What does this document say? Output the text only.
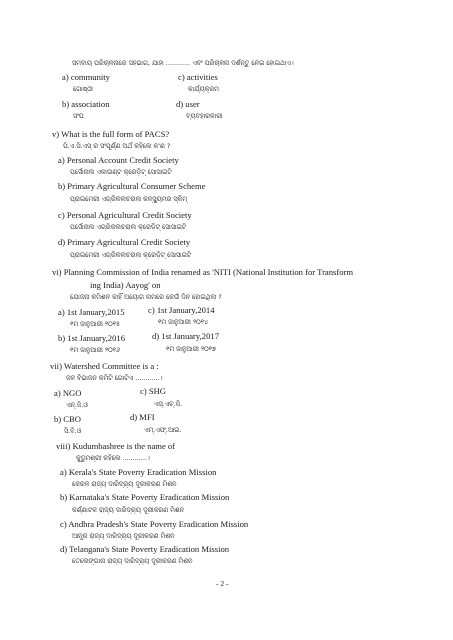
ସମବାୟ ପରିଚାଳନାରେ ସହଭାଗ, ଯାହା ............ ଏବଂ ପରିଚାଳନା ଦର୍ଶନ୍ତୁ ନେଇ ହୋଇଥାଏ।
a) community	c) activities
ଗୋଷ୍ଠୀ	କାର୍ଯ୍ୟକ୍ରମ
b) association	d) user
ସଂଘ	ବ୍ୟବହାରକାରୀ
v) What is the full form of PACS?
ପି.ଏ.ସି.ଏସ୍ ର ସଂପୂର୍ଣ୍ଣ ଅର୍ଥ କହିଲେ କ'ଣ ?
a) Personal Account Credit Society
ପର୍ସୋନାଲ ଏକାଉଣ୍ଟ କ୍ରେଡ଼ିଟ୍ ସୋସାଇଟି
b) Primary Agricultural Consumer Scheme
ପ୍ରାଇମେରୀ ଏଗ୍ରିକଲଚରାଲ କନ୍ସ୍ୟୁମର ସ୍କିମ୍
c) Personal Agricultural Credit Society
ପର୍ସୋନାଲ ଏଗ୍ରିକଲଚରାଲ କ୍ରେଡ଼ିଟ୍ ସୋସାଇଟି
d) Primary Agricultural Credit Society
ପ୍ରାଇମେରୀ ଏଗ୍ରିକଲଚରାଲ କ୍ରେଡ଼ିଟ୍ ସୋସାଇଟି
vi) Planning Commission of India renamed as 'NITI (National Institution for Transform
ing India) Aayog' on
ଯୋଜନା କମିଶନ କାହିଁ ଅୟୋଗ ନାମରେ କେଉଁ ଦିନ ହୋଇଥିଲା ?
a) 1st January,2015	c) 1st January,2014
୧ମ ଜାନୁଆରୀ ୨୦୧୫	୧ମ ଜାନୁଆରୀ ୨୦୧୪
b) 1st January,2016	d) 1st January,2017
୧ମ ଜାନୁଆରୀ ୨୦୧୬	୧ମ ଜାନୁଆରୀ ୨୦୧୭
vii) Watershed Committee is a :
ଜଳ ବିଭାଜନ କମିଟି ଗୋଟିଏ ............।
a) NGO	c) SHG
ଏନ୍.ଜି.ଓ	ଏସ୍.ଏଚ୍.ଜି.
b) CBO	d) MFI
ସି.ବି.ଓ	ଏମ୍.ଏଫ୍.ଆଇ.
viii) Kudumbashree is the name of
କୁଡୁମଶ୍ରୀ କହିଲେ ............।
a) Kerala's State Poverty Eradication Mission
କେରଳ ରାଜ୍ୟ ଦାରିଦ୍ର୍ୟ ଦୂରୀକରଣ ମିଶନ
b) Karnataka's State Poverty Eradication Mission
କର୍ଣ୍ଣାଟକ ରାଜ୍ୟ ଦାରିଦ୍ର୍ୟ ଦୂରୀକରଣ ମିଶନ
c) Andhra Pradesh's State Poverty Eradication Mission
ଆନ୍ଧ୍ର ରାଜ୍ୟ ଦାରିଦ୍ର୍ୟ ଦୂରୀକରଣ ମିଶନ
d) Telangana's State Poverty Eradication Mission
ତେଲେଙ୍ଗାନା ରାଜ୍ୟ ଦାରିଦ୍ର୍ୟ ଦୂରୀକରଣ ମିଶନ
- 2 -
